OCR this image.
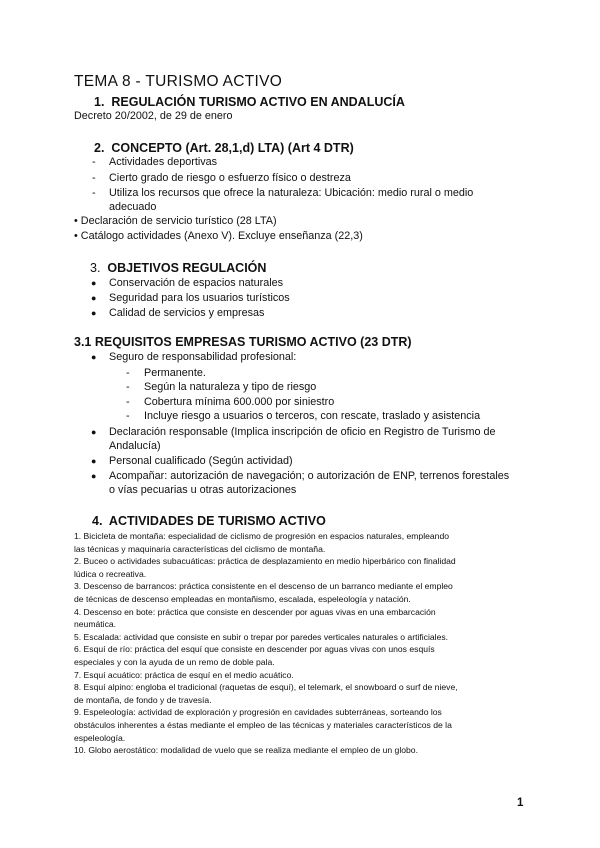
TEMA 8 - TURISMO ACTIVO
1. REGULACIÓN TURISMO ACTIVO EN ANDALUCÍA
Decreto 20/2002, de 29 de enero
2. CONCEPTO (Art. 28,1,d) LTA) (Art 4 DTR)
- Actividades deportivas
- Cierto grado de riesgo o esfuerzo físico o destreza
- Utiliza los recursos que ofrece la naturaleza: Ubicación: medio rural o medio
adecuado
• Declaración de servicio turístico (28 LTA)
• Catálogo actividades (Anexo V). Excluye enseñanza (22,3)
3. OBJETIVOS REGULACIÓN
● Conservación de espacios naturales
● Seguridad para los usuarios turísticos
● Calidad de servicios y empresas
3.1 REQUISITOS EMPRESAS TURISMO ACTIVO (23 DTR)
● Seguro de responsabilidad profesional:
- Permanente.
- Según la naturaleza y tipo de riesgo
- Cobertura mínima 600.000 por siniestro
- Incluye riesgo a usuarios o terceros, con rescate, traslado y asistencia
● Declaración responsable (Implica inscripción de oficio en Registro de Turismo de
Andalucía)
● Personal cualificado (Según actividad)
● Acompañar: autorización de navegación; o autorización de ENP, terrenos forestales
o vías pecuarias u otras autorizaciones
4. ACTIVIDADES DE TURISMO ACTIVO
1. Bicicleta de montaña: especialidad de ciclismo de progresión en espacios naturales, empleando
las técnicas y maquinaria características del ciclismo de montaña.
2. Buceo o actividades subacuáticas: práctica de desplazamiento en medio hiperbárico con finalidad
lúdica o recreativa.
3. Descenso de barrancos: práctica consistente en el descenso de un barranco mediante el empleo
de técnicas de descenso empleadas en montañismo, escalada, espeleología y natación.
4. Descenso en bote: práctica que consiste en descender por aguas vivas en una embarcación
neumática.
5. Escalada: actividad que consiste en subir o trepar por paredes verticales naturales o artificiales.
6. Esquí de río: práctica del esquí que consiste en descender por aguas vivas con unos esquís
especiales y con la ayuda de un remo de doble pala.
7. Esquí acuático: práctica de esquí en el medio acuático.
8. Esquí alpino: engloba el tradicional (raquetas de esquí), el telemark, el snowboard o surf de nieve,
de montaña, de fondo y de travesía.
9. Espeleología: actividad de exploración y progresión en cavidades subterráneas, sorteando los
obstáculos inherentes a éstas mediante el empleo de las técnicas y materiales característicos de la
espeleología.
10. Globo aerostático: modalidad de vuelo que se realiza mediante el empleo de un globo.
1
